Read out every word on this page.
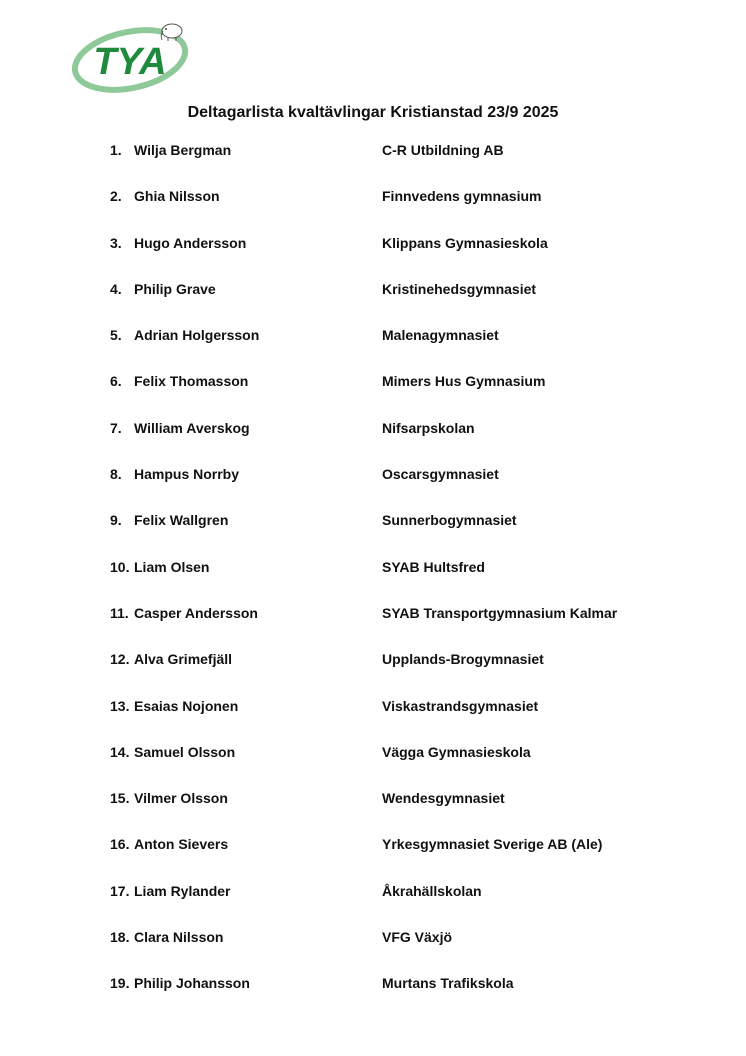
TYA
Deltagarlista kvaltävlingar Kristianstad 23/9 2025
1. Wilja Bergman	C-R Utbildning AB
2. Ghia Nilsson	Finnvedens gymnasium
3. Hugo Andersson	Klippans Gymnasieskola
4. Philip Grave	Kristinehedsgymnasiet
5. Adrian Holgersson	Malenagymnasiet
6. Felix Thomasson	Mimers Hus Gymnasium
7. William Averskog	Nifsarpskolan
8. Hampus Norrby	Oscarsgymnasiet
9. Felix Wallgren	Sunnerbogymnasiet
10. Liam Olsen	SYAB Hultsfred
11. Casper Andersson	SYAB Transportgymnasium Kalmar
12. Alva Grimefjäll	Upplands-Brogymnasiet
13. Esaias Nojonen	Viskastrandsgymnasiet
14. Samuel Olsson	Vägga Gymnasieskola
15. Vilmer Olsson	Wendesgymnasiet
16. Anton Sievers	Yrkesgymnasiet Sverige AB (Ale)
17. Liam Rylander	Åkrahällskolan
18. Clara Nilsson	VFG Växjö
19. Philip Johansson	Murtans Trafikskola
